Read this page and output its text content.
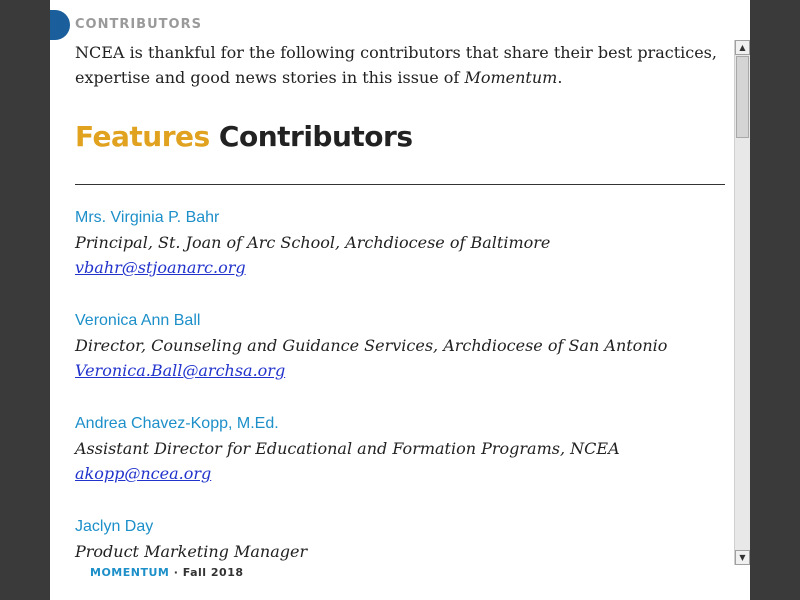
CONTRIBUTORS
NCEA is thankful for the following contributors that share their best practices, expertise and good news stories in this issue of Momentum.
Features Contributors
Mrs. Virginia P. Bahr
Principal, St. Joan of Arc School, Archdiocese of Baltimore
vbahr@stjoanarc.org
Veronica Ann Ball
Director, Counseling and Guidance Services, Archdiocese of San Antonio
Veronica.Ball@archsa.org
Andrea Chavez-Kopp, M.Ed.
Assistant Director for Educational and Formation Programs, NCEA
akopp@ncea.org
Jaclyn Day
Product Marketing Manager
MOMENTUM · Fall 2018
▲
▼
